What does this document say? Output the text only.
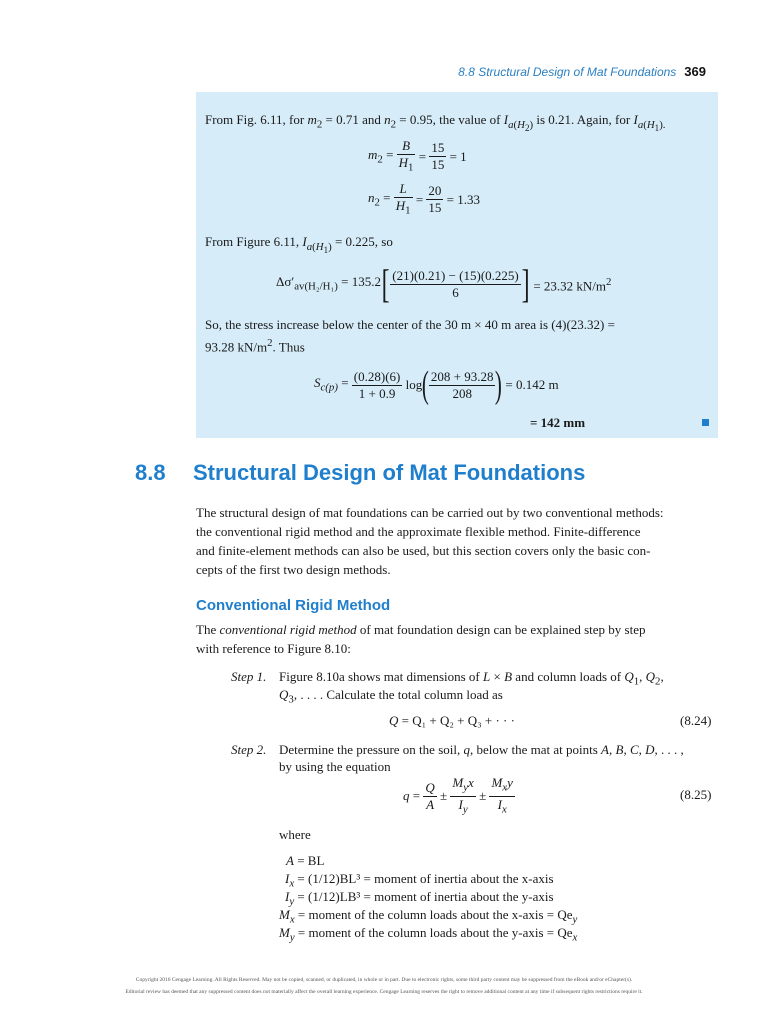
8.8 Structural Design of Mat Foundations 369
From Fig. 6.11, for $m_2 = 0.71$ and $n_2 = 0.95$, the value of $I_{a(H_2)}$ is 0.21. Again, for $I_{a(H_1).}$
$m_2 = \frac{B}{H_1} = \frac{15}{15}$
= 1
$n_2 = \frac{L}{H_1} = \frac{20}{15}$
= 1.33
From Figure 6.11, $I_{a(H_1)} = 0.225$, so
$\Delta\sigma'_{av(H_2/H_1)} = 135.2$ [ $\frac{(21)(0.21) - (15)(0.225)}{6}$ ] = 23.32 $kN/m^2$
So, the stress increase below the center of the 30 m × 40 m area is (4)(23.32) =
93.28 $kN/m^2$. Thus
$S_{c(p)} = \frac{(0.28)(6)}{1 + 0.9}$ log ( $\frac{208 + 93.28}{208}$ ) = 0.142 m
= 142 mm
8.8 Structural Design of Mat Foundations
The structural design of mat foundations can be carried out by two conventional methods:
the conventional rigid method and the approximate flexible method. Finite-difference
and finite-element methods can also be used, but this section covers only the basic con-
cepts of the first two design methods.
Conventional Rigid Method
The conventional rigid method of mat foundation design can be explained step by step
with reference to Figure 8.10:
Step 1. Figure 8.10a shows mat dimensions of L × B and column loads of $Q_1$, $Q_2$,
$Q_3$, . . . . Calculate the total column load as
Q = Q₁ + Q₂ + Q₃ + · · ·	(8.24)
Step 2. Determine the pressure on the soil, q, below the mat at points A, B, C, D, . . . ,
by using the equation
$q = \frac{Q}{A} \pm \frac{M_yx}{I_y} \pm \frac{M_xy}{I_x}$	(8.25)
where
A = BL
$I_x = (1/12)BL^3$ = moment of inertia about the x-axis
$I_y = (1/12)LB^3$ = moment of inertia about the y-axis
$M_x$ = moment of the column loads about the x-axis = $Qe_y$
$M_y$ = moment of the column loads about the y-axis = $Qe_x$
Copyright 2016 Cengage Learning. All Rights Reserved. May not be copied, scanned, or duplicated, in whole or in part. Due to electronic rights, some third party content may be suppressed from the eBook and/or eChapter(s).
Editorial review has deemed that any suppressed content does not materially affect the overall learning experience. Cengage Learning reserves the right to remove additional content at any time if subsequent rights restrictions require it.
